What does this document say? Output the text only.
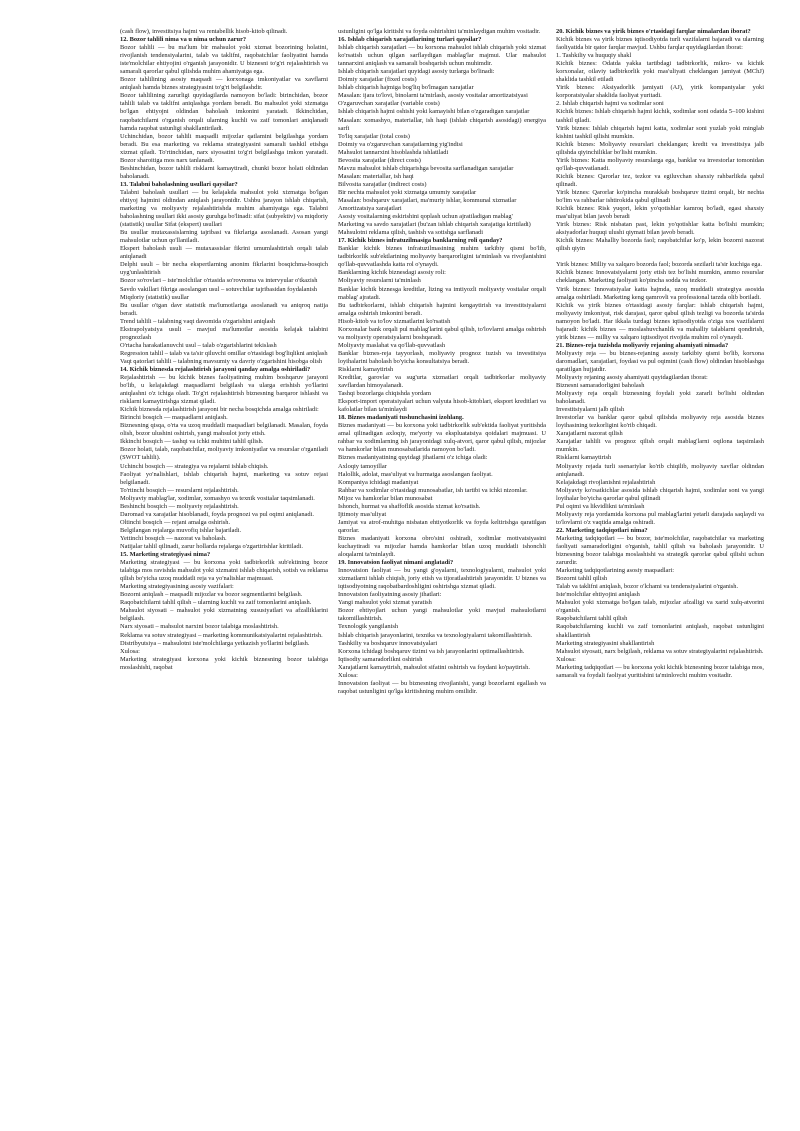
(cash flow), investitsiya hajmi va rentabellik hisob-kitob qilinadi.

12. Bozor tahlili nima va u nima uchun zarur?

Bozor tahlili — bu ma'lum bir mahsulot yoki xizmat bozorining holatini, rivojlanish tendensiyalarini, talab va taklifni, raqobatchilar faoliyatini hamda iste'molchilar ehtiyojini o'rganish jarayonidir. U biznesni to'g'ri rejalashtirish va samarali qarorlar qabul qilishda muhim ahamiyatga ega.

Bozor tahlilining asosiy maqsadi — korxonaga imkoniyatlar va xavflarni aniqlash hamda biznes strategiyasini to'g'ri belgilashdir.

Bozor tahlilining zarurligi quyidagilarda namoyon bo'ladi: birinchidan, bozor tahlili talab va taklifni aniqlashga yordam beradi. Bu mahsulot yoki xizmatga bo'lgan ehtiyojni oldindan baholash imkonini yaratadi. Ikkinchidan, raqobatchilarni o'rganish orqali ularning kuchli va zaif tomonlari aniqlanadi hamda raqobat ustunligi shakllantiriladi.

Uchinchidan, bozor tahlili maqsadli mijozlar qatlamini belgilashga yordam beradi. Bu esa marketing va reklama strategiyasini samarali tashkil etishga xizmat qiladi. To'rtinchidan, narx siyosatini to'g'ri belgilashga imkon yaratadi. Bozor sharoitiga mos narx tanlanadi.

Beshinchidan, bozor tahlili risklarni kamaytiradi, chunki bozor holati oldindan baholanadi.

13. Talabni baholashning usullari qaysilar?

Talabni baholash usullari — bu kelajakda mahsulot yoki xizmatga bo'lgan ehtiyoj hajmini oldindan aniqlash jarayonidir. Ushbu jarayon ishlab chiqarish, marketing va moliyaviy rejalashtirishda muhim ahamiyatga ega. Talabni baholashning usullari ikki asosiy guruhga bo'linadi: sifat (subyektiv) va miqdoriy (statistik) usullar Sifat (ekspert) usullari

Bu usullar mutaxassislarning tajribasi va fikrlariga asoslanadi. Asosan yangi mahsulotlar uchun qo'llaniladi.

Ekspert baholash usuli — mutaxassislar fikrini umumlashtirish orqali talab aniqlanadi

Delphi usuli – bir necha ekspertlarning anonim fikrlarini bosqichma-bosqich uyg'unlashtirish

Bozor so'rovlari – iste'molchilar o'rtasida so'rovnoma va intervyular o'tkazish

Savdo vakillari fikriga asoslangan usul – sotuvchilar tajribasidan foydalanish

Miqdoriy (statistik) usullar

Bu usullar o'tgan davr statistik ma'lumotlariga asoslanadi va aniqroq natija beradi.

Trend tahlili – talabning vaqt davomida o'zgarishini aniqlash

Ekstrapolyatsiya usuli – mavjud ma'lumotlar asosida kelajak talabini prognozlash

O'rtacha harakatlanuvchi usul – talab o'zgarishlarini tekislash

Regression tahlil – talab va ta'sir qiluvchi omillar o'rtasidagi bog'liqlikni aniqlash

Vaqt qatorlari tahlili – talabning mavsumiy va davriy o'zgarishini hisobga olish

14. Kichik biznesda rejalashtirish jarayoni qanday amalga oshiriladi?

Rejalashtirish — bu kichik biznes faoliyatining muhim boshqaruv jarayoni bo'lib, u kelajakdagi maqsadlarni belgilash va ularga erishish yo'llarini aniqlashni o'z ichiga oladi. To'g'ri rejalashtirish biznesning barqaror ishlashi va risklarni kamaytirishga xizmat qiladi.

Kichik biznesda rejalashtirish jarayoni bir necha bosqichda amalga oshiriladi:

Birinchi bosqich — maqsadlarni aniqlash.

Biznesning qisqa, o'rta va uzoq muddatli maqsadlari belgilanadi. Masalan, foyda olish, bozor ulushini oshirish, yangi mahsulot joriy etish.

Ikkinchi bosqich — tashqi va ichki muhitni tahlil qilish.

Bozor holati, talab, raqobatchilar, moliyaviy imkoniyatlar va resurslar o'rganiladi (SWOT tahlili).

Uchinchi bosqich — strategiya va rejalarni ishlab chiqish.

Faoliyat yo'nalishlari, ishlab chiqarish hajmi, marketing va sotuv rejasi belgilanadi.

To'rtinchi bosqich — resurslarni rejalashtirish.

Moliyaviy mablag'lar, xodimlar, xomashyo va texnik vositalar taqsimlanadi.

Beshinchi bosqich — moliyaviy rejalashtirish.

Daromad va xarajatlar hisoblanadi, foyda prognozi va pul oqimi aniqlanadi.

Oltinchi bosqich — rejani amalga oshirish.

Belgilangan rejalarga muvofiq ishlar bajariladi.

Yettinchi bosqich — nazorat va baholash.

Natijalar tahlil qilinadi, zarur hollarda rejalarga o'zgartirishlar kiritiladi.

15. Marketing strategiyasi nima?

Marketing strategiyasi — bu korxona yoki tadbirkorlik sub'ektining bozor talabiga mos ravishda mahsulot yoki xizmatni ishlab chiqarish, sotish va reklama qilish bo'yicha uzoq muddatli reja va yo'nalishlar majmuasi.

Marketing strategiyasining asosiy vazifalari:

Bozorni aniqlash – maqsadli mijozlar va bozor segmentlarini belgilash.

Raqobatchilarni tahlil qilish – ularning kuchli va zaif tomonlarini aniqlash.

Mahsulot siyosati – mahsulot yoki xizmatning xususiyatlari va afzalliklarini belgilash.

Narx siyosati – mahsulot narxini bozor talabiga moslashtirish.

Reklama va sotuv strategiyasi – marketing kommunikatsiyalarini rejalashtirish.

Distribyutsiya – mahsulotni iste'molchilarga yetkazish yo'llarini belgilash.

Xulosa:

Marketing strategiyasi korxona yoki kichik biznesning bozor talabiga moslashishi, raqobat

ustunligini qo'lga kiritishi va foyda oshirishini ta'minlaydigan muhim vositadir.

16. Ishlab chiqarish xarajatlarining turlari qaysilar?

Ishlab chiqarish xarajatlari — bu korxona mahsulot ishlab chiqarish yoki xizmat ko'rsatish uchun qilgan sarflaydigan mablag'lar majmui. Ular mahsulot tannarxini aniqlash va samarali boshqarish uchun muhimdir.

Ishlab chiqarish xarajatlari quyidagi asosiy turlarga bo'linadi:

Doimiy xarajatlar (fixed costs)

Ishlab chiqarish hajmiga bog'liq bo'lmagan xarajatlar

Masalan: ijara to'lovi, binolarni ta'mirlash, asosiy vositalar amortizatsiyasi

O'zgaruvchan xarajatlar (variable costs)

Ishlab chiqarish hajmi oshishi yoki kamayishi bilan o'zgaradigan xarajatlar

Masalan: xomashyo, materiallar, ish haqi (ishlab chiqarish asosidagi) energiya sarfi

To'liq xarajatlar (total costs)

Doimiy va o'zgaruvchan xarajatlarning yig'indisi

Mahsulot tannarxini hisoblashda ishlatiladi

Bevosita xarajatlar (direct costs)

Mavzu mahsulot ishlab chiqarishga bevosita sarflanadigan xarajatlar

Masalan: materiallar, ish haqi

Bilvosita xarajatlar (indirect costs)

Bir nechta mahsulot yoki xizmatga umumiy xarajatlar

Masalan: boshqaruv xarajatlari, ma'muriy ishlar, kommunal xizmatlar

Amortizatsiya xarajatlari

Asosiy vositalarning eskirishini qoplash uchun ajratiladigan mablag'

Marketing va savdo xarajatlari (bu'zan ishlab chiqarish xarajatiga kiritiladi)

Mahsulotni reklama qilish, tashish va sotishga sarflanadi

17. Kichik biznes infratuzilmasiga banklarning roli qanday?

Banklar kichik biznes infratuzilmasining muhim tarkibiy qismi bo'lib, tadbirkorlik sub'ektlarining moliyaviy barqarorligini ta'minlash va rivojlanishini qo'llab-quvvatlashda katta rol o'ynaydi.

Banklarning kichik biznesdagi asosiy roli:

Moliyaviy resurslarni ta'minlash

Banklar kichik biznesga kreditlar, lizing va imtiyozli moliyaviy vositalar orqali mablag' ajratadi.

Bu tadbirkorlarni, ishlab chiqarish hajmini kengaytirish va investitsiyalarni amalga oshirish imkonini beradi.

Hisob-kitob va to'lov xizmatlarini ko'rsatish

Korxonalar bank orqali pul mablag'larini qabul qilish, to'lovlarni amalga oshirish va moliyaviy operatsiyalarni boshqaradi.

Moliyaviy maslahat va qo'llab-quvvatlash

Banklar biznes-reja tayyorlash, moliyaviy prognoz tuzish va investitsiya loyihalarini baholash bo'yicha konsultatsiya beradi.

Risklarni kamaytirish

Kreditlar, garovlar va sug'urta xizmatlari orqali tadbirkorlar moliyaviy xavflardan himoyalanadi.

Tashqi bozorlarga chiqishda yordam

Eksport-import operatsiyalari uchun valyuta hisob-kitoblari, eksport kreditlari va kafolatlar bilan ta'minlaydi

18. Biznes madaniyati tushunchasini izohlang.

Biznes madaniyati — bu korxona yoki tadbirkorlik sub'ektida faoliyat yuritishda amal qilinadigan axloqiy, me'yoriy va ekspluatatsiya qoidalari majmuasi. U rahbar va xodimlarning ish jarayonidagi xulq-atvori, qaror qabul qilish, mijozlar va hamkorlar bilan munosabatlarida namoyon bo'ladi.

Biznes madaniyatining quyidagi jihatlarni o'z ichiga oladi:

Axloqiy tamoyillar

Halollik, adolat, mas'uliyat va hurmatga asoslangan faoliyat.

Kompaniya ichidagi madaniyat

Rahbar va xodimlar o'rtasidagi munosabatlar, ish tartibi va ichki nizomlar.

Mijoz va hamkorlar bilan munosabat

Ishonch, hurmat va shaffoflik asosida xizmat ko'rsatish.

Ijtimoiy mas'uliyat

Jamiyat va atrof-muhitga nisbatan ehtiyotkorlik va foyda keltirishga qaratilgan qarorlar.

Biznes madaniyati korxona obro'sini oshiradi, xodimlar motivatsiyasini kuchaytiradi va mijozlar hamda hamkorlar bilan uzoq muddatli ishonchli aloqalarni ta'minlaydi.

19. Innovatsion faoliyat nimani anglatadi?

Innovatsion faoliyat — bu yangi g'oyalarni, texnologiyalarni, mahsulot yoki xizmatlarni ishlab chiqish, joriy etish va tijoratlashtirish jarayonidir. U biznes va iqtisodiyotning raqobatbardoshligini oshirishga xizmat qiladi.

Innovatsion faoliyatning asosiy jihatlari:

Yangi mahsulot yoki xizmat yaratish

Bozor ehtiyojlari uchun yangi mahsulotlar yoki mavjud mahsulotlarni takomillashtirish.

Texnologik yangilanish

Ishlab chiqarish jarayonlarini, texnika va texnologiyalarni takomillashtirish.

Tashkiliy va boshqaruv innovatsiyalari

Korxona ichidagi boshqaruv tizimi va ish jarayonlarini optimallashtirish.

Iqtisodiy samaradorlikni oshirish

Xarajatlarni kamaytirish, mahsulot sifatini oshirish va foydani ko'paytirish.

Xulosa:

Innovatsion faoliyat — bu biznesning rivojlanishi, yangi bozorlarni egallash va raqobat ustunligini qo'lga kiritishning muhim omilidir.

20. Kichik biznes va yirik biznes o'rtasidagi farqlar nimalardan iborat?

Kichik biznes va yirik biznes iqtisodiyotda turli vazifalarni bajaradi va ularning faoliyatida bir qator farqlar mavjud. Ushbu farqlar quyidagilardan iborat:

1. Tashkiliy va huquqiy shakl

Kichik biznes: Odatda yakka tartibdagi tadbirkorlik, mikro- va kichik korxonalar, oilaviy tadbirkorlik yoki mas'uliyati cheklangan jamiyat (MChJ) shaklida tashkil etiladi

Yirik biznes: Aksiyadorlik jamiyati (AJ), yirik kompaniyalar yoki korporatsiyalar shaklida faoliyat yuritadi.

2. Ishlab chiqarish hajmi va xodimlar soni

Kichik biznes: Ishlab chiqarish hajmi kichik, xodimlar soni odatda 5–100 kishini tashkil qiladi.

Yirik biznes: Ishlab chiqarish hajmi katta, xodimlar soni yuzlab yoki minglab kishini tashkil qilishi mumkin.

Kichik biznes: Moliyaviy resurslari cheklangan; kredit va investitsiya jalb qilishda qiyinchiliklar bo'lishi mumkin.

Yirik biznes: Katta moliyaviy resurslarga ega, banklar va investorlar tomonidan qo'llab-quvvatlanadi.

Kichik biznes: Qarorlar tez, tezkor va egiluvchan shaxsiy rahbarlikda qabul qilinadi.

Yirik biznes: Qarorlar ko'pincha murakkab boshqaruv tizimi orqali, bir nechta bo'lim va rahbarlar ishtirokida qabul qilinadi

Kichik biznes: Risk yuqori, lekin yo'qotishlar kamroq bo'ladi, egasi shaxsiy mas'uliyat bilan javob beradi

Yirik biznes: Risk nisbatan past, lekin yo'qotishlar katta bo'lishi mumkin; aksiyadorlar huquqi ulushi qiymati bilan javob beradi.

Kichik biznes: Mahalliy bozorda faol; raqobatchilar ko'p, lekin bozorni nazorat qilish qiyin

Yirik biznes: Milliy va xalqaro bozorda faol; bozorda sezilarli ta'sir kuchiga ega.

Kichik biznes: Innovatsiyalarni joriy etish tez bo'lishi mumkin, ammo resurslar cheklangan. Marketing faoliyati ko'pincha sodda va tezkor.

Yirik biznes: Innovatsiyalar katta hajmda, uzoq muddatli strategiya asosida amalga oshiriladi. Marketing keng qamrovli va professional tarzda olib boriladi.

Kichik va yirik biznes o'rtasidagi asosiy farqlar: ishlab chiqarish hajmi, moliyaviy imkoniyat, risk darajasi, qaror qabul qilish tezligi va bozorda ta'sirda namoyon bo'ladi. Har ikkala turdagi biznes iqtisodiyotda o'ziga xos vazifalarni bajaradi: kichik biznes — moslashuvchanlik va mahalliy talablarni qondirish, yirik biznes — milliy va xalqaro iqtisodiyot rivojida muhim rol o'ynaydi.

21. Biznes-reja tuzishda moliyaviy rejaning ahamiyati nimada?

Moliyaviy reja — bu biznes-rejaning asosiy tarkibiy qismi bo'lib, korxona daromadlari, xarajatlari, foydasi va pul oqimini (cash flow) oldindan hisoblashga qaratilgan hujjatdir.

Moliyaviy rejaning asosiy ahamiyati quyidagilardan iborat:

Biznesni samaradorligini baholash

Moliyaviy reja orqali biznesning foydali yoki zararli bo'lishi oldindan baholanadi.

Investitsiyalarni jalb qilish

Investorlar va banklar qaror qabul qilishda moliyaviy reja asosida biznes loyihasining tezkorligini ko'rib chiqadi.

Xarajatlarni nazorat qilish

Xarajatlar tahlili va prognoz qilish orqali mablag'larni oqilona taqsimlash mumkin.

Risklarni kamaytirish

Moliyaviy rejada turli ssenariylar ko'rib chiqilib, moliyaviy xavflar oldindan aniqlanadi.

Kelajakdagi rivojlanishni rejalashtirish

Moliyaviy ko'rsatkichlar asosida ishlab chiqarish hajmi, xodimlar soni va yangi loyihalar bo'yicha qarorlar qabul qilinadi

Pul oqimi va likvidlikni ta'minlash

Moliyaviy reja yordamida korxona pul mablag'larini yetarli darajada saqlaydi va to'lovlarni o'z vaqtida amalga oshiradi.

22. Marketing tadqiqotlari nima?

Marketing tadqiqotlari — bu bozor, iste'molchilar, raqobatchilar va marketing faoliyati samaradorligini o'rganish, tahlil qilish va baholash jarayonidir. U biznesning bozor talabiga moslashishi va strategik qarorlar qabul qilishi uchun zarurdir.

Marketing tadqiqotlarining asosiy maqsadlari:

Bozorni tahlil qilish

Talab va taklifni aniqlash, bozor o'lchami va tendensiyalarini o'rganish.

Iste'molchilar ehtiyojini aniqlash

Mahsulot yoki xizmatga bo'lgan talab, mijozlar afzalligi va xarid xulq-atvorini o'rganish.

Raqobatchilarni tahlil qilish

Raqobatchilarning kuchli va zaif tomonlarini aniqlash, raqobat ustunligini shakllantirish

Marketing strategiyasini shakllantirish

Mahsulot siyosati, narx belgilash, reklama va sotuv strategiyalarini rejalashtirish.

Xulosa:

Marketing tadqiqotlari — bu korxona yoki kichik biznesning bozor talabiga mos, samarali va foydali faoliyat yuritishini ta'minlovchi muhim vositadir.
